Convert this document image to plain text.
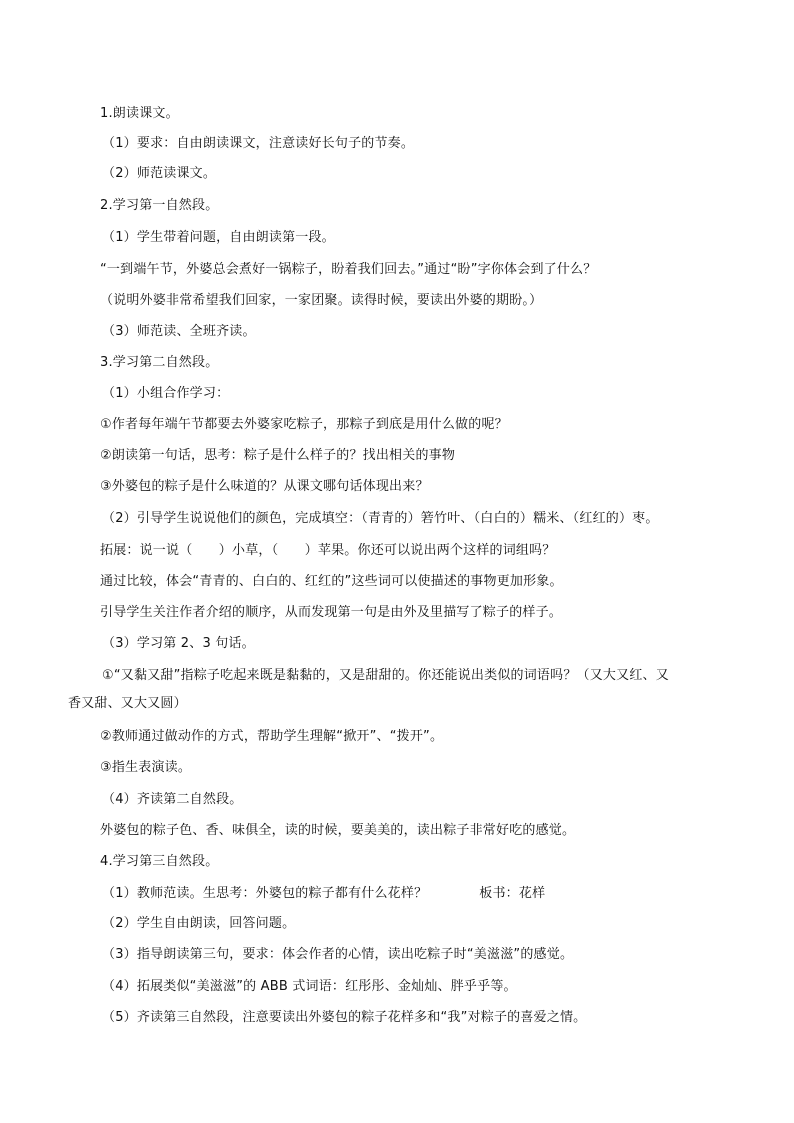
1.朗读课文。
（1）要求：自由朗读课文，注意读好长句子的节奏。
（2）师范读课文。
2.学习第一自然段。
（1）学生带着问题，自由朗读第一段。
“一到端午节，外婆总会煮好一锅粽子，盼着我们回去。”通过“盼”字你体会到了什么？
（说明外婆非常希望我们回家，一家团聚。读得时候，要读出外婆的期盼。）
（3）师范读、全班齐读。
3.学习第二自然段。
（1）小组合作学习：
①作者每年端午节都要去外婆家吃粽子，那粽子到底是用什么做的呢？
②朗读第一句话，思考：粽子是什么样子的？找出相关的事物
③外婆包的粽子是什么味道的？从课文哪句话体现出来？
（2）引导学生说说他们的颜色，完成填空：（青青的）箬竹叶、（白白的）糯米、（红红的）枣。
拓展：说一说（　　）小草，（　　）苹果。你还可以说出两个这样的词组吗？
通过比较，体会“青青的、白白的、红红的”这些词可以使描述的事物更加形象。
引导学生关注作者介绍的顺序，从而发现第一句是由外及里描写了粽子的样子。
（3）学习第 2、3 句话。
①“又黏又甜”指粽子吃起来既是黏黏的，又是甜甜的。你还能说出类似的词语吗？（又大又红、又
香又甜、又大又圆）
②教师通过做动作的方式，帮助学生理解“掀开”、“拨开”。
③指生表演读。
（4）齐读第二自然段。
外婆包的粽子色、香、味俱全，读的时候，要美美的，读出粽子非常好吃的感觉。
4.学习第三自然段。
（1）教师范读。生思考：外婆包的粽子都有什么花样？	板书：花样
（2）学生自由朗读，回答问题。
（3）指导朗读第三句，要求：体会作者的心情，读出吃粽子时“美滋滋”的感觉。
（4）拓展类似“美滋滋”的 ABB 式词语：红彤彤、金灿灿、胖乎乎等。
（5）齐读第三自然段，注意要读出外婆包的粽子花样多和“我”对粽子的喜爱之情。
